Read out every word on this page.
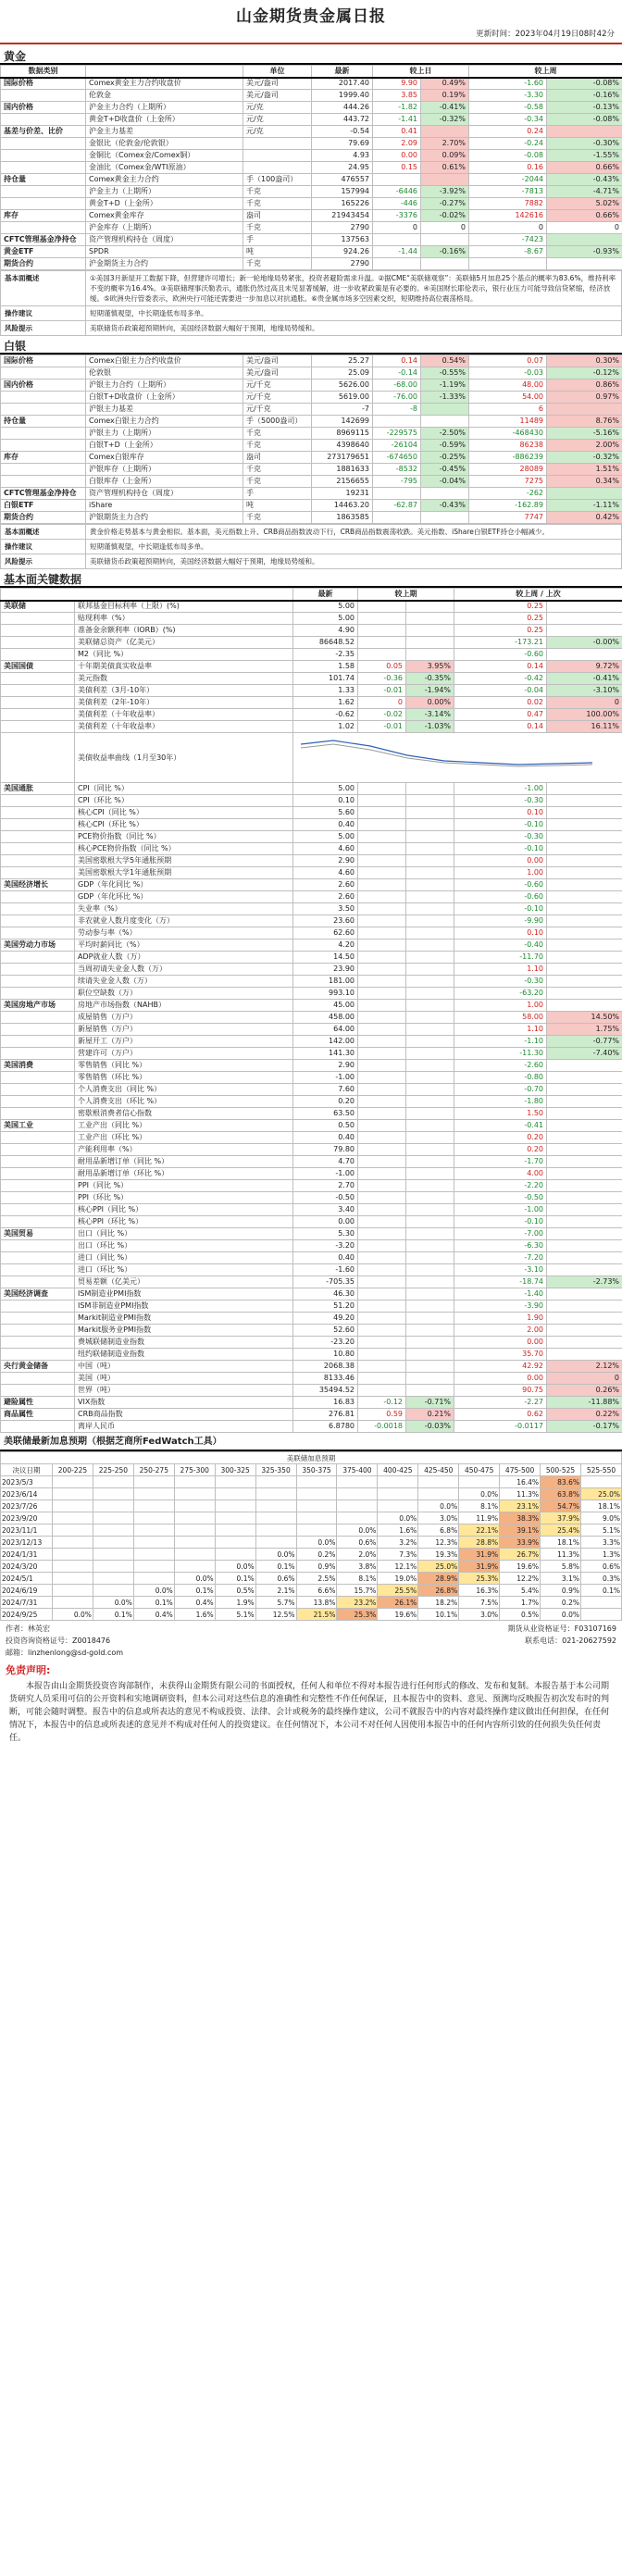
山金期货贵金属日报
更新时间：2023年04月19日08时42分
黄金
数据类别		单位	最新	较上日		较上周	
国际价格	Comex黄金主力合约收盘价	美元/盎司	2017.40	9.90	0.49%	-1.60	-0.08%
	伦敦金	美元/盎司	1999.40	3.85	0.19%	-3.30	-0.16%
国内价格	沪金主力合约（上期所）	元/克	444.26	-1.82	-0.41%	-0.58	-0.13%
	黄金T+D收盘价（上金所）	元/克	443.72	-1.41	-0.32%	-0.34	-0.08%
基差与价差、比价	沪金主力基差	元/克	-0.54	0.41		0.24	
	金银比（伦敦金/伦敦银）		79.69	2.09	2.70%	-0.24	-0.30%
	金铜比（Comex金/Comex铜）		4.93	0.00	0.09%	-0.08	-1.55%
	金油比（Comex金/WTI原油）		24.95	0.15	0.61%	0.16	0.66%
持仓量	Comex黄金主力合约	手（100盎司）	476557			-2044	-0.43%
	沪金主力（上期所）	千克	157994	-6446	-3.92%	-7813	-4.71%
	黄金T+D（上金所）	千克	165226	-446	-0.27%	7882	5.02%
库存	Comex黄金库存	盎司	21943454	-3376	-0.02%	142616	0.66%
	沪金库存（上期所）	千克	2790	0	0	0	0
CFTC管理基金净持仓	资产管理机构持仓（周度）	手	137563			-7423	
黄金ETF	SPDR	吨	924.26	-1.44	-0.16%	-8.67	-0.93%
期货合约	沪金期货主力合约	千克	2790				
基本面概述	①美国3月新屋开工数据下降，但营建许可增长；新一轮地缘局势紧张，投资者避险需求升温。②据CME“美联储观察”：美联储5月加息25个基点的概率为83.6%，维持利率不变的概率为16.4%。③美联储理事沃勒表示，通胀仍然过高且未见显著缓解，进一步收紧政策是有必要的。④美国财长耶伦表示，银行业压力可能导致信贷紧缩，经济放缓。⑤欧洲央行管委表示，欧洲央行可能还需要进一步加息以对抗通胀。⑥贵金属市场多空因素交织，短期维持高位震荡格局。
操作建议	短期谨慎观望，中长期逢低布局多单。
风险提示	美联储货币政策超预期转向，美国经济数据大幅好于预期，地缘局势缓和。
白银
国际价格	Comex白银主力合约收盘价	美元/盎司	25.27	0.14	0.54%	0.07	0.30%
	伦敦银	美元/盎司	25.09	-0.14	-0.55%	-0.03	-0.12%
国内价格	沪银主力合约（上期所）	元/千克	5626.00	-68.00	-1.19%	48.00	0.86%
	白银T+D收盘价（上金所）	元/千克	5619.00	-76.00	-1.33%	54.00	0.97%
	沪银主力基差	元/千克	-7	-8		6	
持仓量	Comex白银主力合约	手（5000盎司）	142699			11489	8.76%
	沪银主力（上期所）	千克	8969115	-229575	-2.50%	-468430	-5.16%
	白银T+D（上金所）	千克	4398640	-26104	-0.59%	86238	2.00%
库存	Comex白银库存	盎司	273179651	-674650	-0.25%	-886239	-0.32%
	沪银库存（上期所）	千克	1881633	-8532	-0.45%	28089	1.51%
	白银库存（上金所）	千克	2156655	-795	-0.04%	7275	0.34%
CFTC管理基金净持仓	资产管理机构持仓（周度）	手	19231			-262	
白银ETF	iShare	吨	14463.20	-62.87	-0.43%	-162.89	-1.11%
期货合约	沪银期货主力合约	千克	1863585			7747	0.42%
基本面概述	黄金价格走势基本与黄金相似。基本面，美元指数上升、CRB商品指数波动下行，CRB商品指数震荡收跌。美元指数、iShare白银ETF持仓小幅减少。
操作建议	短期谨慎观望，中长期逢低布局多单。
风险提示	美联储货币政策超预期转向，美国经济数据大幅好于预期，地缘局势缓和。
基本面关键数据
		最新	较上期		较上周 / 上次	
美联储	联邦基金目标利率（上限）(%)	5.00			0.25	
	贴现利率（%）	5.00			0.25	
	准备金余额利率（IORB）(%)	4.90			0.25	
	美联储总资产（亿美元）	86648.52			-173.21	-0.00%
	M2（同比 %）	-2.35			-0.60	
美国国债	十年期美债真实收益率	1.58	0.05	3.95%	0.14	9.72%
	美元指数	101.74	-0.36	-0.35%	-0.42	-0.41%
	美债利差（3月-10年）	1.33	-0.01	-1.94%	-0.04	-3.10%
	美债利差（2年-10年）	1.62	0	0.00%	0.02	0
	美债利差（十年收益率）	-0.62	-0.02	-3.14%	0.47	100.00%
	美债利差（十年收益率）	1.02	-0.01	-1.03%	0.14	16.11%
	美债收益率曲线（1月至30年）	
美国通胀	CPI（同比 %）	5.00			-1.00	
	CPI（环比 %）	0.10			-0.30	
	核心CPI（同比 %）	5.60			0.10	
	核心CPI（环比 %）	0.40			-0.10	
	PCE物价指数（同比 %）	5.00			-0.30	
	核心PCE物价指数（同比 %）	4.60			-0.10	
	美国密歇根大学5年通胀预期	2.90			0.00	
	美国密歇根大学1年通胀预期	4.60			1.00	
美国经济增长	GDP（年化同比 %）	2.60			-0.60	
	GDP（年化环比 %）	2.60			-0.60	
	失业率（%）	3.50			-0.10	
	非农就业人数月度变化（万）	23.60			-9.90	
	劳动参与率（%）	62.60			0.10	
美国劳动力市场	平均时薪同比（%）	4.20			-0.40	
	ADP就业人数（万）	14.50			-11.70	
	当周初请失业金人数（万）	23.90			1.10	
	续请失业金人数（万）	181.00			-0.30	
	职位空缺数（万）	993.10			-63.20	
美国房地产市场	房地产市场指数（NAHB）	45.00			1.00	
	成屋销售（万户）	458.00			58.00	14.50%
	新屋销售（万户）	64.00			1.10	1.75%
	新屋开工（万户）	142.00			-1.10	-0.77%
	营建许可（万户）	141.30			-11.30	-7.40%
美国消费	零售销售（同比 %）	2.90			-2.60	
	零售销售（环比 %）	-1.00			-0.80	
	个人消费支出（同比 %）	7.60			-0.70	
	个人消费支出（环比 %）	0.20			-1.80	
	密歇根消费者信心指数	63.50			1.50	
美国工业	工业产出（同比 %）	0.50			-0.41	
	工业产出（环比 %）	0.40			0.20	
	产能利用率（%）	79.80			0.20	
	耐用品新增订单（同比 %）	4.70			-1.70	
	耐用品新增订单（环比 %）	-1.00			4.00	
	PPI（同比 %）	2.70			-2.20	
	PPI（环比 %）	-0.50			-0.50	
	核心PPI（同比 %）	3.40			-1.00	
	核心PPI（环比 %）	0.00			-0.10	
美国贸易	出口（同比 %）	5.30			-7.00	
	出口（环比 %）	-3.20			-6.30	
	进口（同比 %）	0.40			-7.20	
	进口（环比 %）	-1.60			-3.10	
	贸易差额（亿美元）	-705.35			-18.74	-2.73%
美国经济调查	ISM制造业PMI指数	46.30			-1.40	
	ISM非制造业PMI指数	51.20			-3.90	
	Markit制造业PMI指数	49.20			1.90	
	Markit服务业PMI指数	52.60			2.00	
	费城联储制造业指数	-23.20			0.00	
	纽约联储制造业指数	10.80			35.70	
央行黄金储备	中国（吨）	2068.38			42.92	2.12%
	美国（吨）	8133.46			0.00	0
	世界（吨）	35494.52			90.75	0.26%
避险属性	VIX指数	16.83	-0.12	-0.71%	-2.27	-11.88%
商品属性	CRB商品指数	276.81	0.59	0.21%	0.62	0.22%
	离岸人民币	6.8780	-0.0018	-0.03%	-0.0117	-0.17%
美联储最新加息预期（根据芝商所FedWatch工具）
美联储加息预期														
决议日期	200-225	225-250	250-275	275-300	300-325	325-350	350-375	375-400	400-425	425-450	450-475	475-500	500-525	525-550
2023/5/3												16.4%	83.6%	
2023/6/14											0.0%	11.3%	63.8%	25.0%
2023/7/26										0.0%	8.1%	23.1%	54.7%	18.1%
2023/9/20									0.0%	3.0%	11.9%	38.3%	37.9%	9.0%
2023/11/1								0.0%	1.6%	6.8%	22.1%	39.1%	25.4%	5.1%
2023/12/13							0.0%	0.6%	3.2%	12.3%	28.8%	33.9%	18.1%	3.3%
2024/1/31						0.0%	0.2%	2.0%	7.3%	19.3%	31.9%	26.7%	11.3%	1.3%
2024/3/20					0.0%	0.1%	0.9%	3.8%	12.1%	25.0%	31.9%	19.6%	5.8%	0.6%
2024/5/1				0.0%	0.1%	0.6%	2.5%	8.1%	19.0%	28.9%	25.3%	12.2%	3.1%	0.3%
2024/6/19			0.0%	0.1%	0.5%	2.1%	6.6%	15.7%	25.5%	26.8%	16.3%	5.4%	0.9%	0.1%
2024/7/31		0.0%	0.1%	0.4%	1.9%	5.7%	13.8%	23.2%	26.1%	18.2%	7.5%	1.7%	0.2%	
2024/9/25	0.0%	0.1%	0.4%	1.6%	5.1%	12.5%	21.5%	25.3%	19.6%	10.1%	3.0%	0.5%	0.0%	
作者：林英宏	期货从业资格证号：F03107169
投资咨询资格证号：Z0018476	联系电话：021-20627592
邮箱：linzhenlong@sd-gold.com
免责声明:
本报告由山金期货投资咨询部制作，未获得山金期货有限公司的书面授权，任何人和单位不得对本报告进行任何形式的修改、发布和复制。本报告基于本公司期货研究人员采用可信的公开资料和实地调研资料，但本公司对这些信息的准确性和完整性不作任何保证，且本报告中的资料、意见、预测均反映报告初次发布时的判断，可能会随时调整。报告中的信息或所表达的意见不构成投资、法律、会计或税务的最终操作建议，公司不就报告中的内容对最终操作建议做出任何担保，在任何情况下，本报告中的信息或所表述的意见并不构成对任何人的投资建议。在任何情况下，本公司不对任何人因使用本报告中的任何内容所引致的任何损失负任何责任。
